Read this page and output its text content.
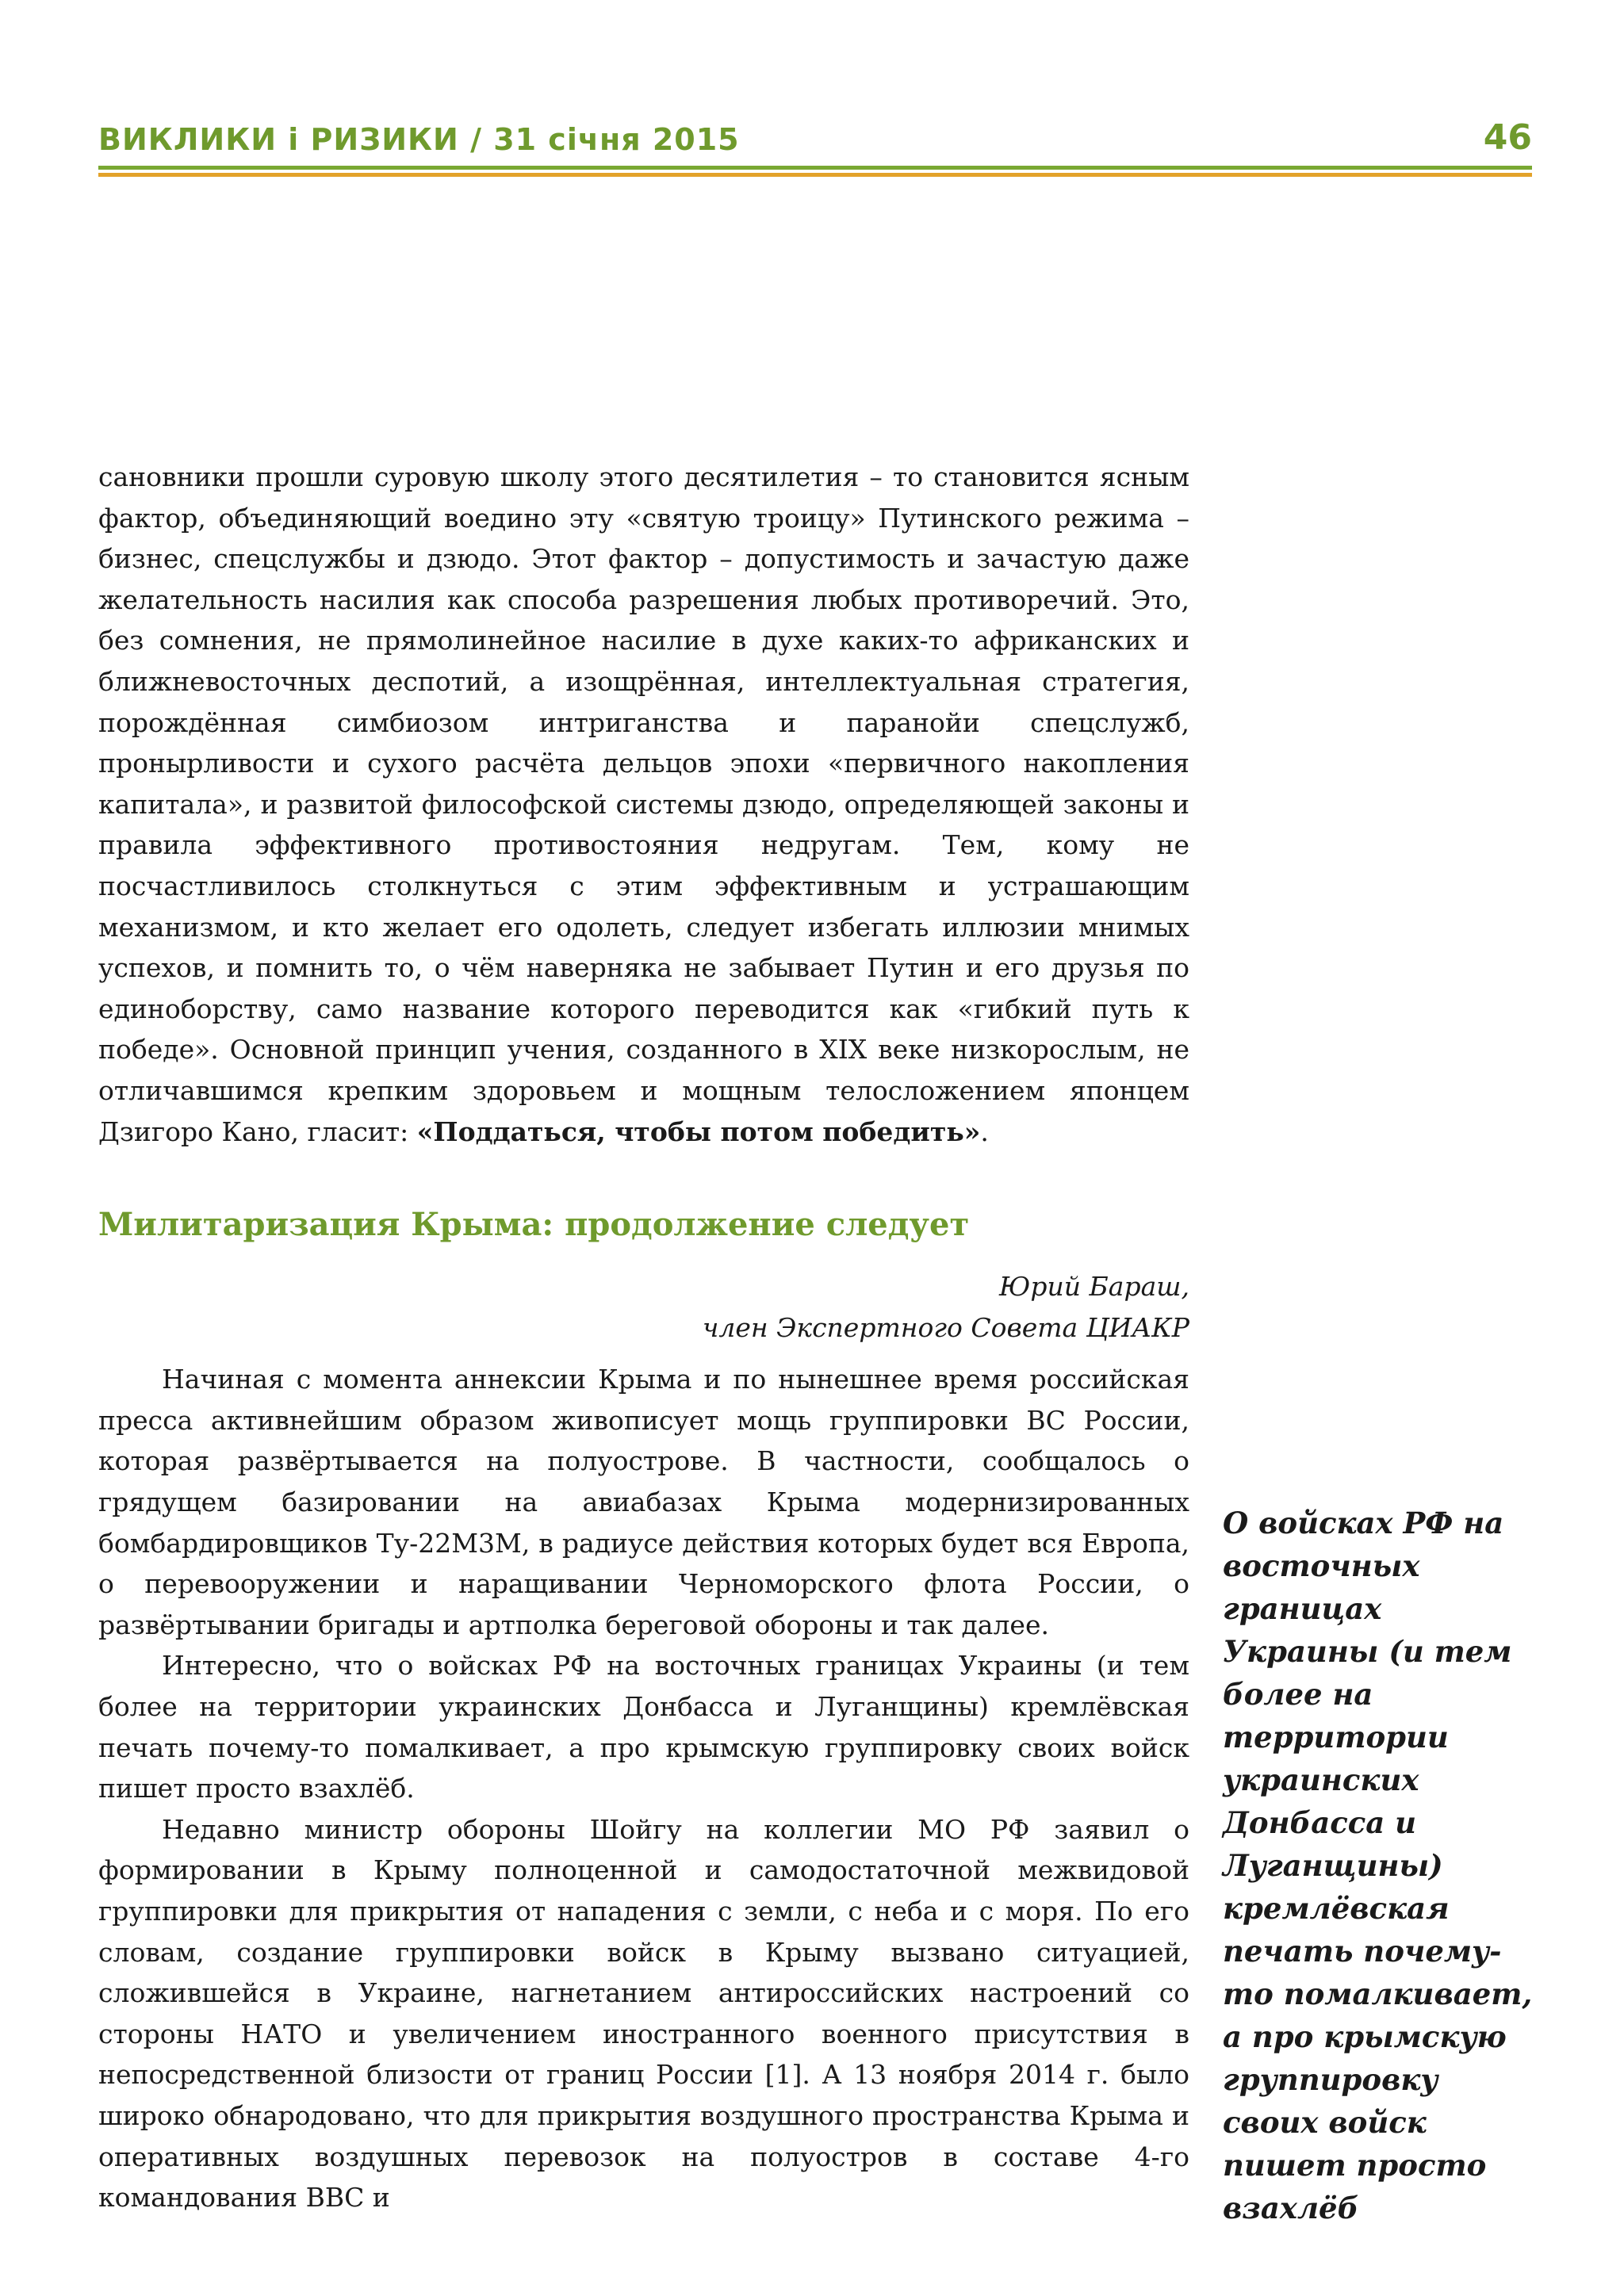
ВИКЛИКИ і РИЗИКИ / 31 січня 2015	46

сановники прошли суровую школу этого десятилетия – то становится ясным фактор, объединяющий воедино эту «святую троицу» Путинского режима – бизнес, спецслужбы и дзюдо. Этот фактор – допустимость и зачастую даже желательность насилия как способа разрешения любых противоречий. Это, без сомнения, не прямолинейное насилие в духе каких-то африканских и ближневосточных деспотий, а изощрённая, интеллектуальная стратегия, порождённая симбиозом интриганства и паранойи спецслужб, пронырливости и сухого расчёта дельцов эпохи «первичного накопления капитала», и развитой философской системы дзюдо, определяющей законы и правила эффективного противостояния недругам. Тем, кому не посчастливилось столкнуться с этим эффективным и устрашающим механизмом, и кто желает его одолеть, следует избегать иллюзии мнимых успехов, и помнить то, о чём наверняка не забывает Путин и его друзья по единоборству, само название которого переводится как «гибкий путь к победе». Основной принцип учения, созданного в XIX веке низкорослым, не отличавшимся крепким здоровьем и мощным телосложением японцем Дзигоро Кано, гласит: «Поддаться, чтобы потом победить».

Милитаризация Крыма: продолжение следует
Юрий Бараш,
член Экспертного Совета ЦИАКР

Начиная с момента аннексии Крыма и по нынешнее время российская пресса активнейшим образом живописует мощь группировки ВС России, которая развёртывается на полуострове. В частности, сообщалось о грядущем базировании на авиабазах Крыма модернизированных бомбардировщиков Ту-22М3М, в радиусе действия которых будет вся Европа, о перевооружении и наращивании Черноморского флота России, о развёртывании бригады и артполка береговой обороны и так далее.

Интересно, что о войсках РФ на восточных границах Украины (и тем более на территории украинских Донбасса и Луганщины) кремлёвская печать почему-то помалкивает, а про крымскую группировку своих войск пишет просто взахлёб.

Недавно министр обороны Шойгу на коллегии МО РФ заявил о формировании в Крыму полноценной и самодостаточной межвидовой группировки для прикрытия от нападения с земли, с неба и с моря. По его словам, создание группировки войск в Крыму вызвано ситуацией, сложившейся в Украине, нагнетанием антироссийских настроений со стороны НАТО и увеличением иностранного военного присутствия в непосредственной близости от границ России [1]. А 13 ноября 2014 г. было широко обнародовано, что для прикрытия воздушного пространства Крыма и оперативных воздушных перевозок на полуостров в составе 4-го командования ВВС и

О войсках РФ на восточных границах Украины (и тем более на территории украинских Донбасса и Луганщины) кремлёвская печать почему-то помалкивает, а про крымскую группировку своих войск пишет просто взахлёб
